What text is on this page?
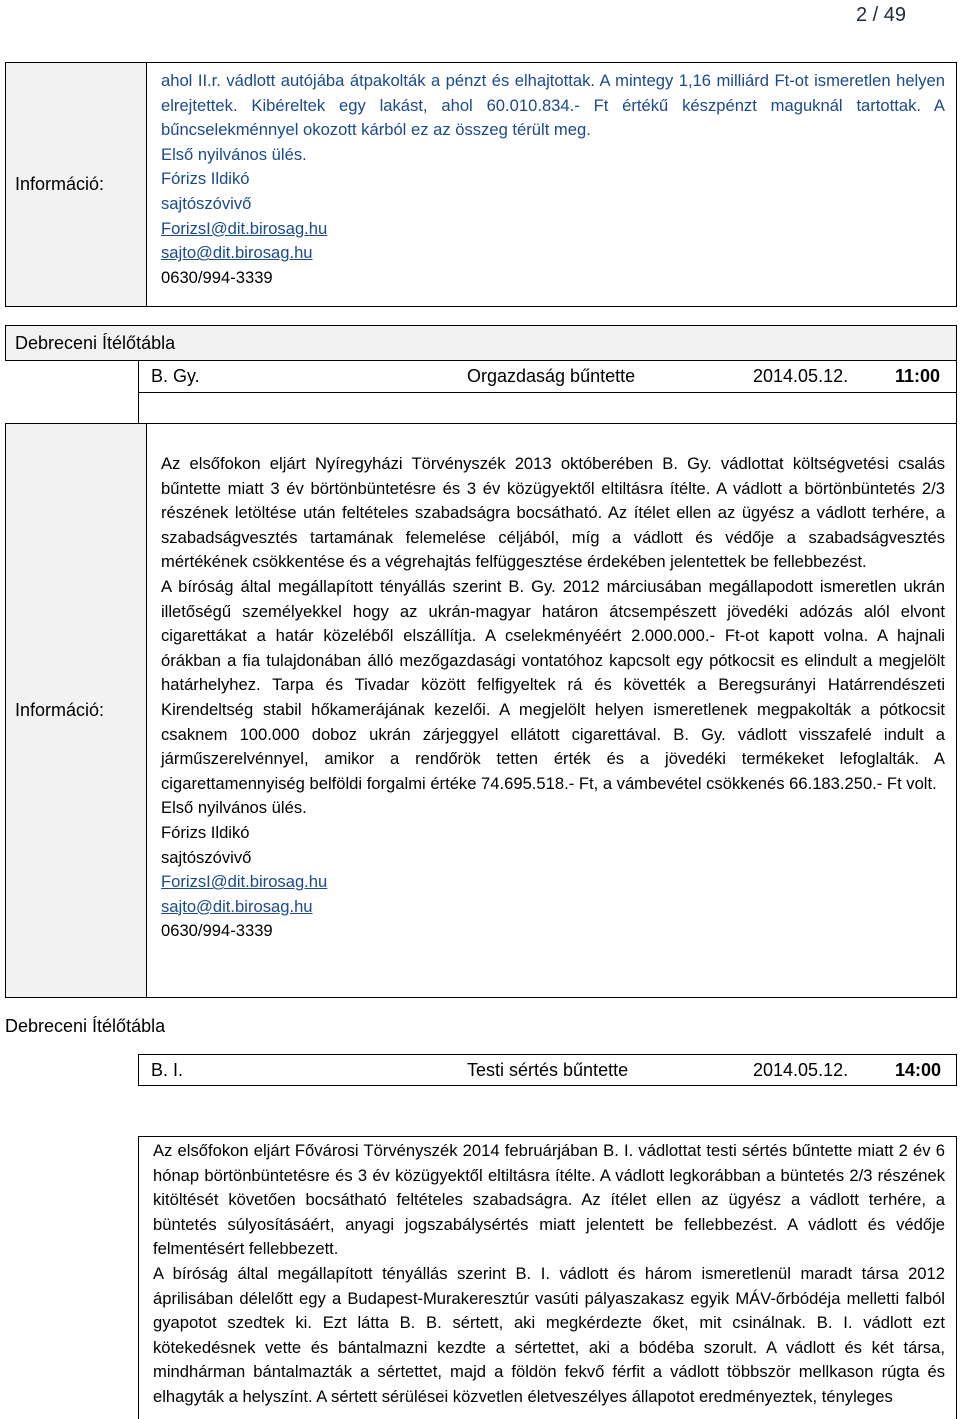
2 / 49
Információ:	

ahol II.r. vádlott autójába átpakolták a pénzt és elhajtottak. A mintegy 1,16 milliárd Ft-ot ismeretlen helyen elrejtettek. Kibéreltek egy lakást, ahol 60.010.834.- Ft értékű készpénzt maguknál tartottak. A bűncselekménnyel okozott kárból ez az összeg térült meg.

Első nyilvános ülés.

Fórizs Ildikó

sajtószóvivő

ForizsI@dit.birosag.hu

sajto@dit.birosag.hu

0630/994-3339

Debreceni Ítélőtábla
B. Gy.	Orgazdaság bűntette	2014.05.12.	11:00
Információ:	

Az elsőfokon eljárt Nyíregyházi Törvényszék 2013 októberében B. Gy. vádlottat költségvetési csalás bűntette miatt 3 év börtönbüntetésre és 3 év közügyektől eltiltásra ítélte. A vádlott a börtönbüntetés 2/3 részének letöltése után feltételes szabadságra bocsátható. Az ítélet ellen az ügyész a vádlott terhére, a szabadságvesztés tartamának felemelése céljából, míg a vádlott és védője a szabadságvesztés mértékének csökkentése és a végrehajtás felfüggesztése érdekében jelentettek be fellebbezést.

A bíróság által megállapított tényállás szerint B. Gy. 2012 márciusában megállapodott ismeretlen ukrán illetőségű személyekkel hogy az ukrán-magyar határon átcsempészett jövedéki adózás alól elvont cigarettákat a határ közeléből elszállítja. A cselekményéért 2.000.000.- Ft-ot kapott volna. A hajnali órákban a fia tulajdonában álló mezőgazdasági vontatóhoz kapcsolt egy pótkocsit es elindult a megjelölt határhelyhez. Tarpa és Tivadar között felfigyeltek rá és követték a Beregsurányi Határrendészeti Kirendeltség stabil hőkamerájának kezelői. A megjelölt helyen ismeretlenek megpakolták a pótkocsit csaknem 100.000 doboz ukrán zárjeggyel ellátott cigarettával. B. Gy. vádlott visszafelé indult a járműszerelvénnyel, amikor a rendőrök tetten érték és a jövedéki termékeket lefoglalták. A cigarettamennyiség belföldi forgalmi értéke 74.695.518.- Ft, a vámbevétel csökkenés 66.183.250.- Ft volt.

Első nyilvános ülés.

Fórizs Ildikó

sajtószóvivő

ForizsI@dit.birosag.hu

sajto@dit.birosag.hu

0630/994-3339

Debreceni Ítélőtábla
B. I.	Testi sértés bűntette	2014.05.12.	14:00

Az elsőfokon eljárt Fővárosi Törvényszék 2014 februárjában B. I. vádlottat testi sértés bűntette miatt 2 év 6 hónap börtönbüntetésre és 3 év közügyektől eltiltásra ítélte. A vádlott legkorábban a büntetés 2/3 részének kitöltését követően bocsátható feltételes szabadságra. Az ítélet ellen az ügyész a vádlott terhére, a büntetés súlyosításáért, anyagi jogszabálysértés miatt jelentett be fellebbezést. A vádlott és védője felmentésért fellebbezett.

A bíróság által megállapított tényállás szerint B. I. vádlott és három ismeretlenül maradt társa 2012 áprilisában délelőtt egy a Budapest-Murakeresztúr vasúti pályaszakasz egyik MÁV-őrbódéja melletti falból gyapotot szedtek ki. Ezt látta B. B. sértett, aki megkérdezte őket, mit csinálnak. B. I. vádlott ezt kötekedésnek vette és bántalmazni kezdte a sértettet, aki a bódéba szorult. A vádlott és két társa, mindhárman bántalmazták a sértettet, majd a földön fekvő férfit a vádlott többször mellkason rúgta és elhagyták a helyszínt. A sértett sérülései közvetlen életveszélyes állapotot eredményeztek, tényleges
